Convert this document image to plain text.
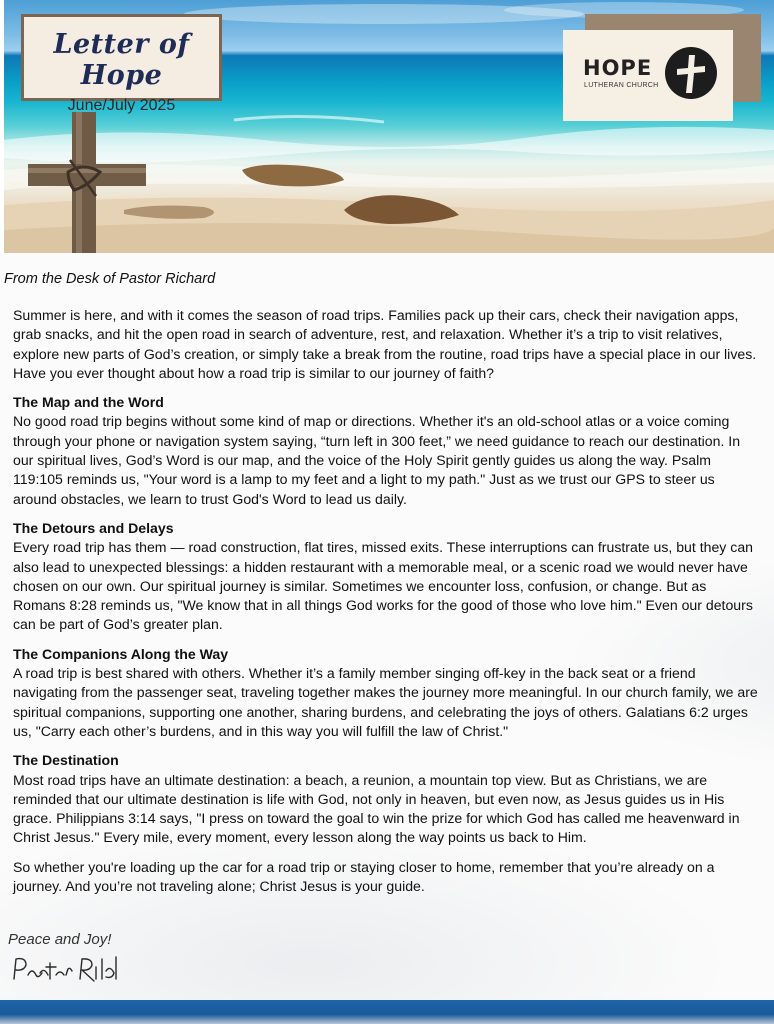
Letter of Hope
June/July 2025
HOPE
LUTHERAN CHURCH
From the Desk of Pastor Richard

Summer is here, and with it comes the season of road trips. Families pack up their cars, check their navigation apps, grab snacks, and hit the open road in search of adventure, rest, and relaxation. Whether it’s a trip to visit relatives, explore new parts of God’s creation, or simply take a break from the routine, road trips have a special place in our lives. Have you ever thought about how a road trip is similar to our journey of faith?

The Map and the Word

No good road trip begins without some kind of map or directions. Whether it's an old-school atlas or a voice coming through your phone or navigation system saying, “turn left in 300 feet,” we need guidance to reach our destination. In our spiritual lives, God’s Word is our map, and the voice of the Holy Spirit gently guides us along the way. Psalm 119:105 reminds us, "Your word is a lamp to my feet and a light to my path." Just as we trust our GPS to steer us around obstacles, we learn to trust God's Word to lead us daily.

The Detours and Delays

Every road trip has them — road construction, flat tires, missed exits. These interruptions can frustrate us, but they can also lead to unexpected blessings: a hidden restaurant with a memorable meal, or a scenic road we would never have chosen on our own. Our spiritual journey is similar. Sometimes we encounter loss, confusion, or change. But as Romans 8:28 reminds us, "We know that in all things God works for the good of those who love him." Even our detours can be part of God’s greater plan.

The Companions Along the Way

A road trip is best shared with others. Whether it’s a family member singing off-key in the back seat or a friend navigating from the passenger seat, traveling together makes the journey more meaningful. In our church family, we are spiritual companions, supporting one another, sharing burdens, and celebrating the joys of others. Galatians 6:2 urges us, "Carry each other’s burdens, and in this way you will fulfill the law of Christ."

The Destination

Most road trips have an ultimate destination: a beach, a reunion, a mountain top view. But as Christians, we are reminded that our ultimate destination is life with God, not only in heaven, but even now, as Jesus guides us in His grace. Philippians 3:14 says, "I press on toward the goal to win the prize for which God has called me heavenward in Christ Jesus." Every mile, every moment, every lesson along the way points us back to Him.

So whether you're loading up the car for a road trip or staying closer to home, remember that you’re already on a journey. And you’re not traveling alone; Christ Jesus is your guide.

Peace and Joy!
